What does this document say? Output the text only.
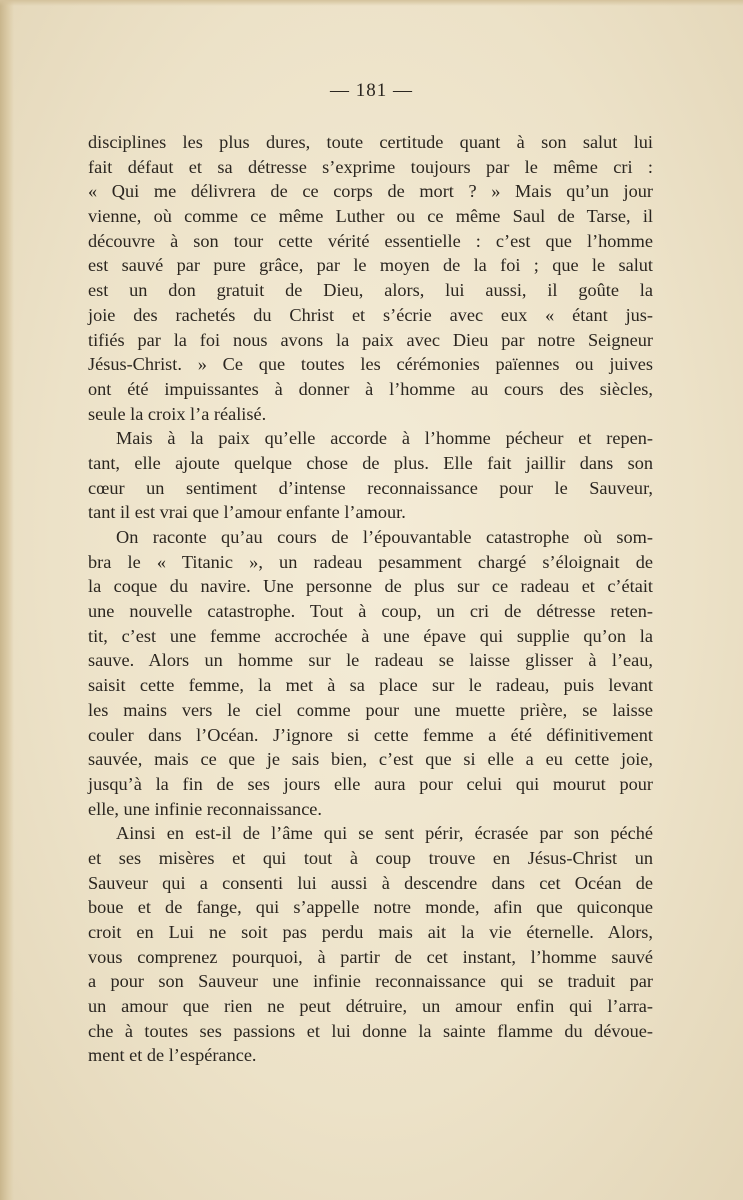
— 181 —
disciplines les plus dures, toute certitude quant à son salut lui
fait défaut et sa détresse s’exprime toujours par le même cri :
« Qui me délivrera de ce corps de mort ? » Mais qu’un jour
vienne, où comme ce même Luther ou ce même Saul de Tarse, il
découvre à son tour cette vérité essentielle : c’est que l’homme
est sauvé par pure grâce, par le moyen de la foi ; que le salut
est un don gratuit de Dieu, alors, lui aussi, il goûte la
joie des rachetés du Christ et s’écrie avec eux « étant jus-
tifiés par la foi nous avons la paix avec Dieu par notre Seigneur
Jésus-Christ. » Ce que toutes les cérémonies païennes ou juives
ont été impuissantes à donner à l’homme au cours des siècles,
seule la croix l’a réalisé.
Mais à la paix qu’elle accorde à l’homme pécheur et repen-
tant, elle ajoute quelque chose de plus. Elle fait jaillir dans son
cœur un sentiment d’intense reconnaissance pour le Sauveur,
tant il est vrai que l’amour enfante l’amour.
On raconte qu’au cours de l’épouvantable catastrophe où som-
bra le « Titanic », un radeau pesamment chargé s’éloignait de
la coque du navire. Une personne de plus sur ce radeau et c’était
une nouvelle catastrophe. Tout à coup, un cri de détresse reten-
tit, c’est une femme accrochée à une épave qui supplie qu’on la
sauve. Alors un homme sur le radeau se laisse glisser à l’eau,
saisit cette femme, la met à sa place sur le radeau, puis levant
les mains vers le ciel comme pour une muette prière, se laisse
couler dans l’Océan. J’ignore si cette femme a été définitivement
sauvée, mais ce que je sais bien, c’est que si elle a eu cette joie,
jusqu’à la fin de ses jours elle aura pour celui qui mourut pour
elle, une infinie reconnaissance.
Ainsi en est-il de l’âme qui se sent périr, écrasée par son péché
et ses misères et qui tout à coup trouve en Jésus-Christ un
Sauveur qui a consenti lui aussi à descendre dans cet Océan de
boue et de fange, qui s’appelle notre monde, afin que quiconque
croit en Lui ne soit pas perdu mais ait la vie éternelle. Alors,
vous comprenez pourquoi, à partir de cet instant, l’homme sauvé
a pour son Sauveur une infinie reconnaissance qui se traduit par
un amour que rien ne peut détruire, un amour enfin qui l’arra-
che à toutes ses passions et lui donne la sainte flamme du dévoue-
ment et de l’espérance.
